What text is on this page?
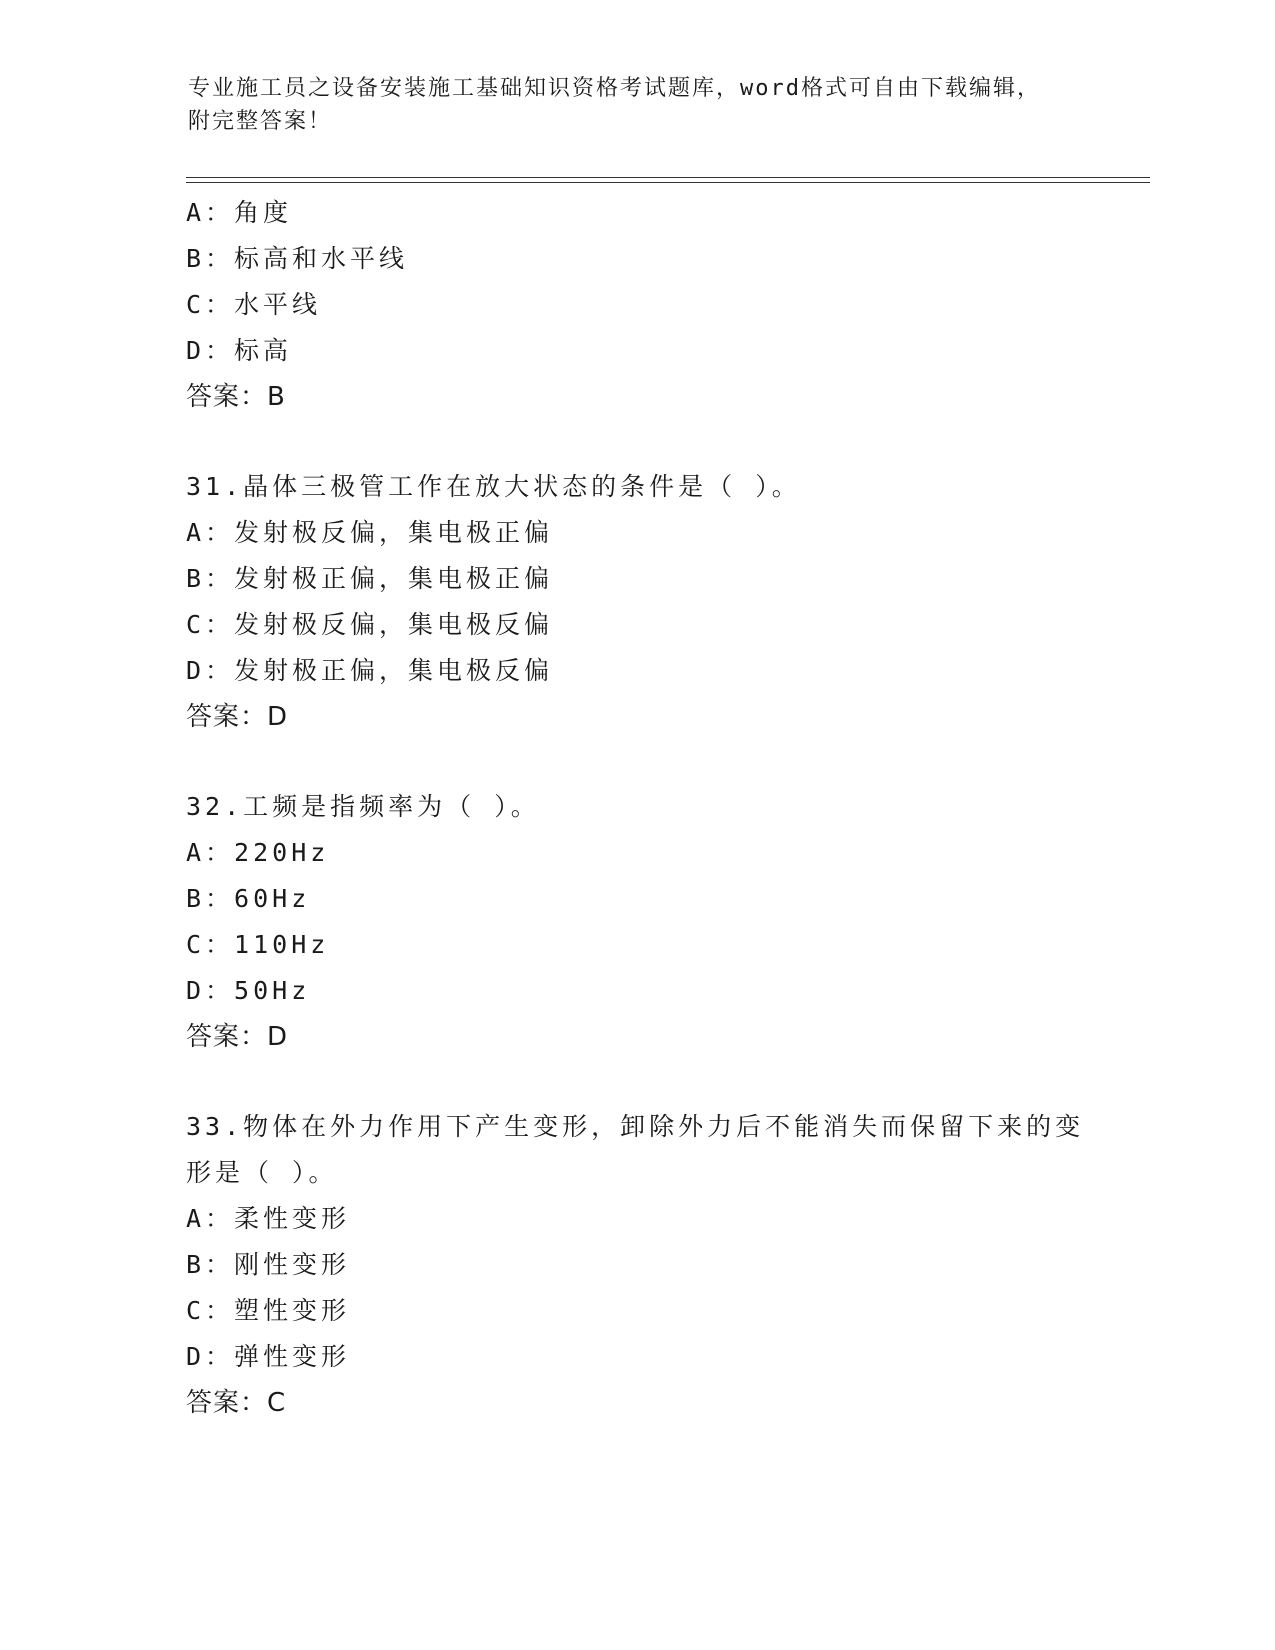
专业施工员之设备安装施工基础知识资格考试题库，word格式可自由下载编辑，
附完整答案！
A：角度
B：标高和水平线
C：水平线
D：标高
答案：B
31.晶体三极管工作在放大状态的条件是（ ）。
A：发射极反偏，集电极正偏
B：发射极正偏，集电极正偏
C：发射极反偏，集电极反偏
D：发射极正偏，集电极反偏
答案：D
32.工频是指频率为（ ）。
A：220Hz
B：60Hz
C：110Hz
D：50Hz
答案：D
33.物体在外力作用下产生变形，卸除外力后不能消失而保留下来的变
形是（ ）。
A：柔性变形
B：刚性变形
C：塑性变形
D：弹性变形
答案：C
